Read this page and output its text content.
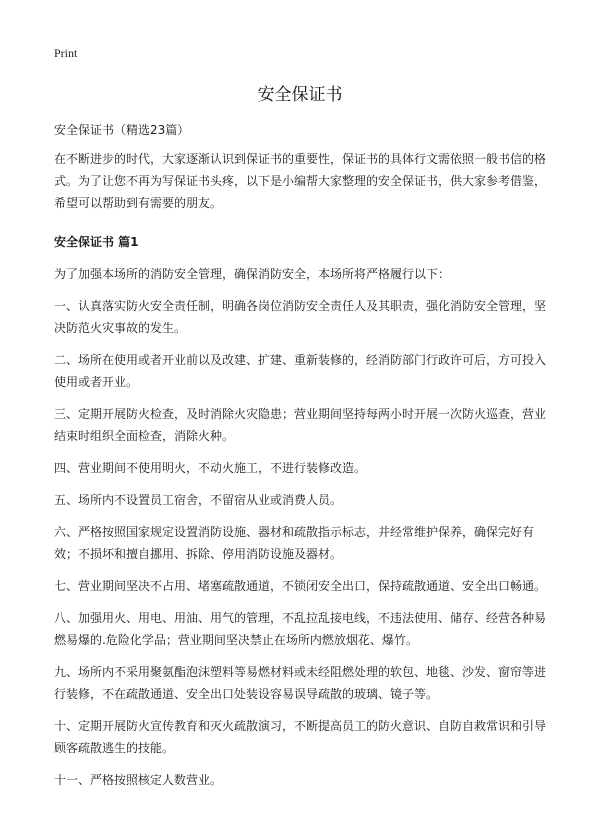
Print
安全保证书

安全保证书（精选23篇）

在不断进步的时代，大家逐渐认识到保证书的重要性，保证书的具体行文需依照一般书信的格式。为了让您不再为写保证书头疼，以下是小编帮大家整理的安全保证书，供大家参考借鉴，希望可以帮助到有需要的朋友。

安全保证书 篇1

为了加强本场所的消防安全管理，确保消防安全，本场所将严格履行以下：

一、认真落实防火安全责任制，明确各岗位消防安全责任人及其职责，强化消防安全管理，坚决防范火灾事故的发生。

二、场所在使用或者开业前以及改建、扩建、重新装修的，经消防部门行政许可后，方可投入使用或者开业。

三、定期开展防火检查，及时消除火灾隐患；营业期间坚持每两小时开展一次防火巡查，营业结束时组织全面检查，消除火种。

四、营业期间不使用明火，不动火施工，不进行装修改造。

五、场所内不设置员工宿舍，不留宿从业或消费人员。

六、严格按照国家规定设置消防设施、器材和疏散指示标志，并经常维护保养，确保完好有效；不损坏和擅自挪用、拆除、停用消防设施及器材。

七、营业期间坚决不占用、堵塞疏散通道，不锁闭安全出口，保持疏散通道、安全出口畅通。

八、加强用火、用电、用油、用气的管理，不乱拉乱接电线，不违法使用、储存、经营各种易燃易爆的.危险化学品；营业期间坚决禁止在场所内燃放烟花、爆竹。

九、场所内不采用聚氨酯泡沫塑料等易燃材料或未经阻燃处理的软包、地毯、沙发、窗帘等进行装修，不在疏散通道、安全出口处装设容易误导疏散的玻璃、镜子等。

十、定期开展防火宣传教育和灭火疏散演习，不断提高员工的防火意识、自防自救常识和引导顾客疏散逃生的技能。

十一、严格按照核定人数营业。
